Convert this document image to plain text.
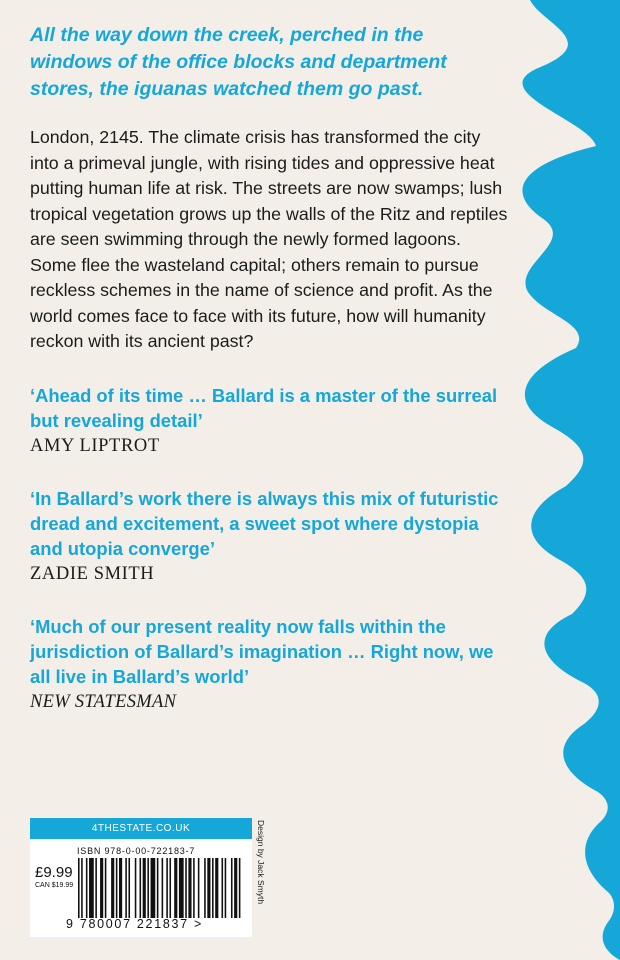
All the way down the creek, perched in the windows of the office blocks and department stores, the iguanas watched them go past.

London, 2145. The climate crisis has transformed the city into a primeval jungle, with rising tides and oppressive heat putting human life at risk. The streets are now swamps; lush tropical vegetation grows up the walls of the Ritz and reptiles are seen swimming through the newly formed lagoons. Some flee the wasteland capital; others remain to pursue reckless schemes in the name of science and profit. As the world comes face to face with its future, how will humanity reckon with its ancient past?

‘Ahead of its time … Ballard is a master of the surreal but revealing detail’

AMY LIPTROT

‘In Ballard’s work there is always this mix of futuristic dread and excitement, a sweet spot where dystopia and utopia converge’

ZADIE SMITH

‘Much of our present reality now falls within the jurisdiction of Ballard’s imagination … Right now, we all live in Ballard’s world’

NEW STATESMAN

4THESTATE.CO.UK
ISBN 978-0-00-722183-7
£9.99
CAN $19.99
9 780007 221837 >
Design by Jack Smyth
